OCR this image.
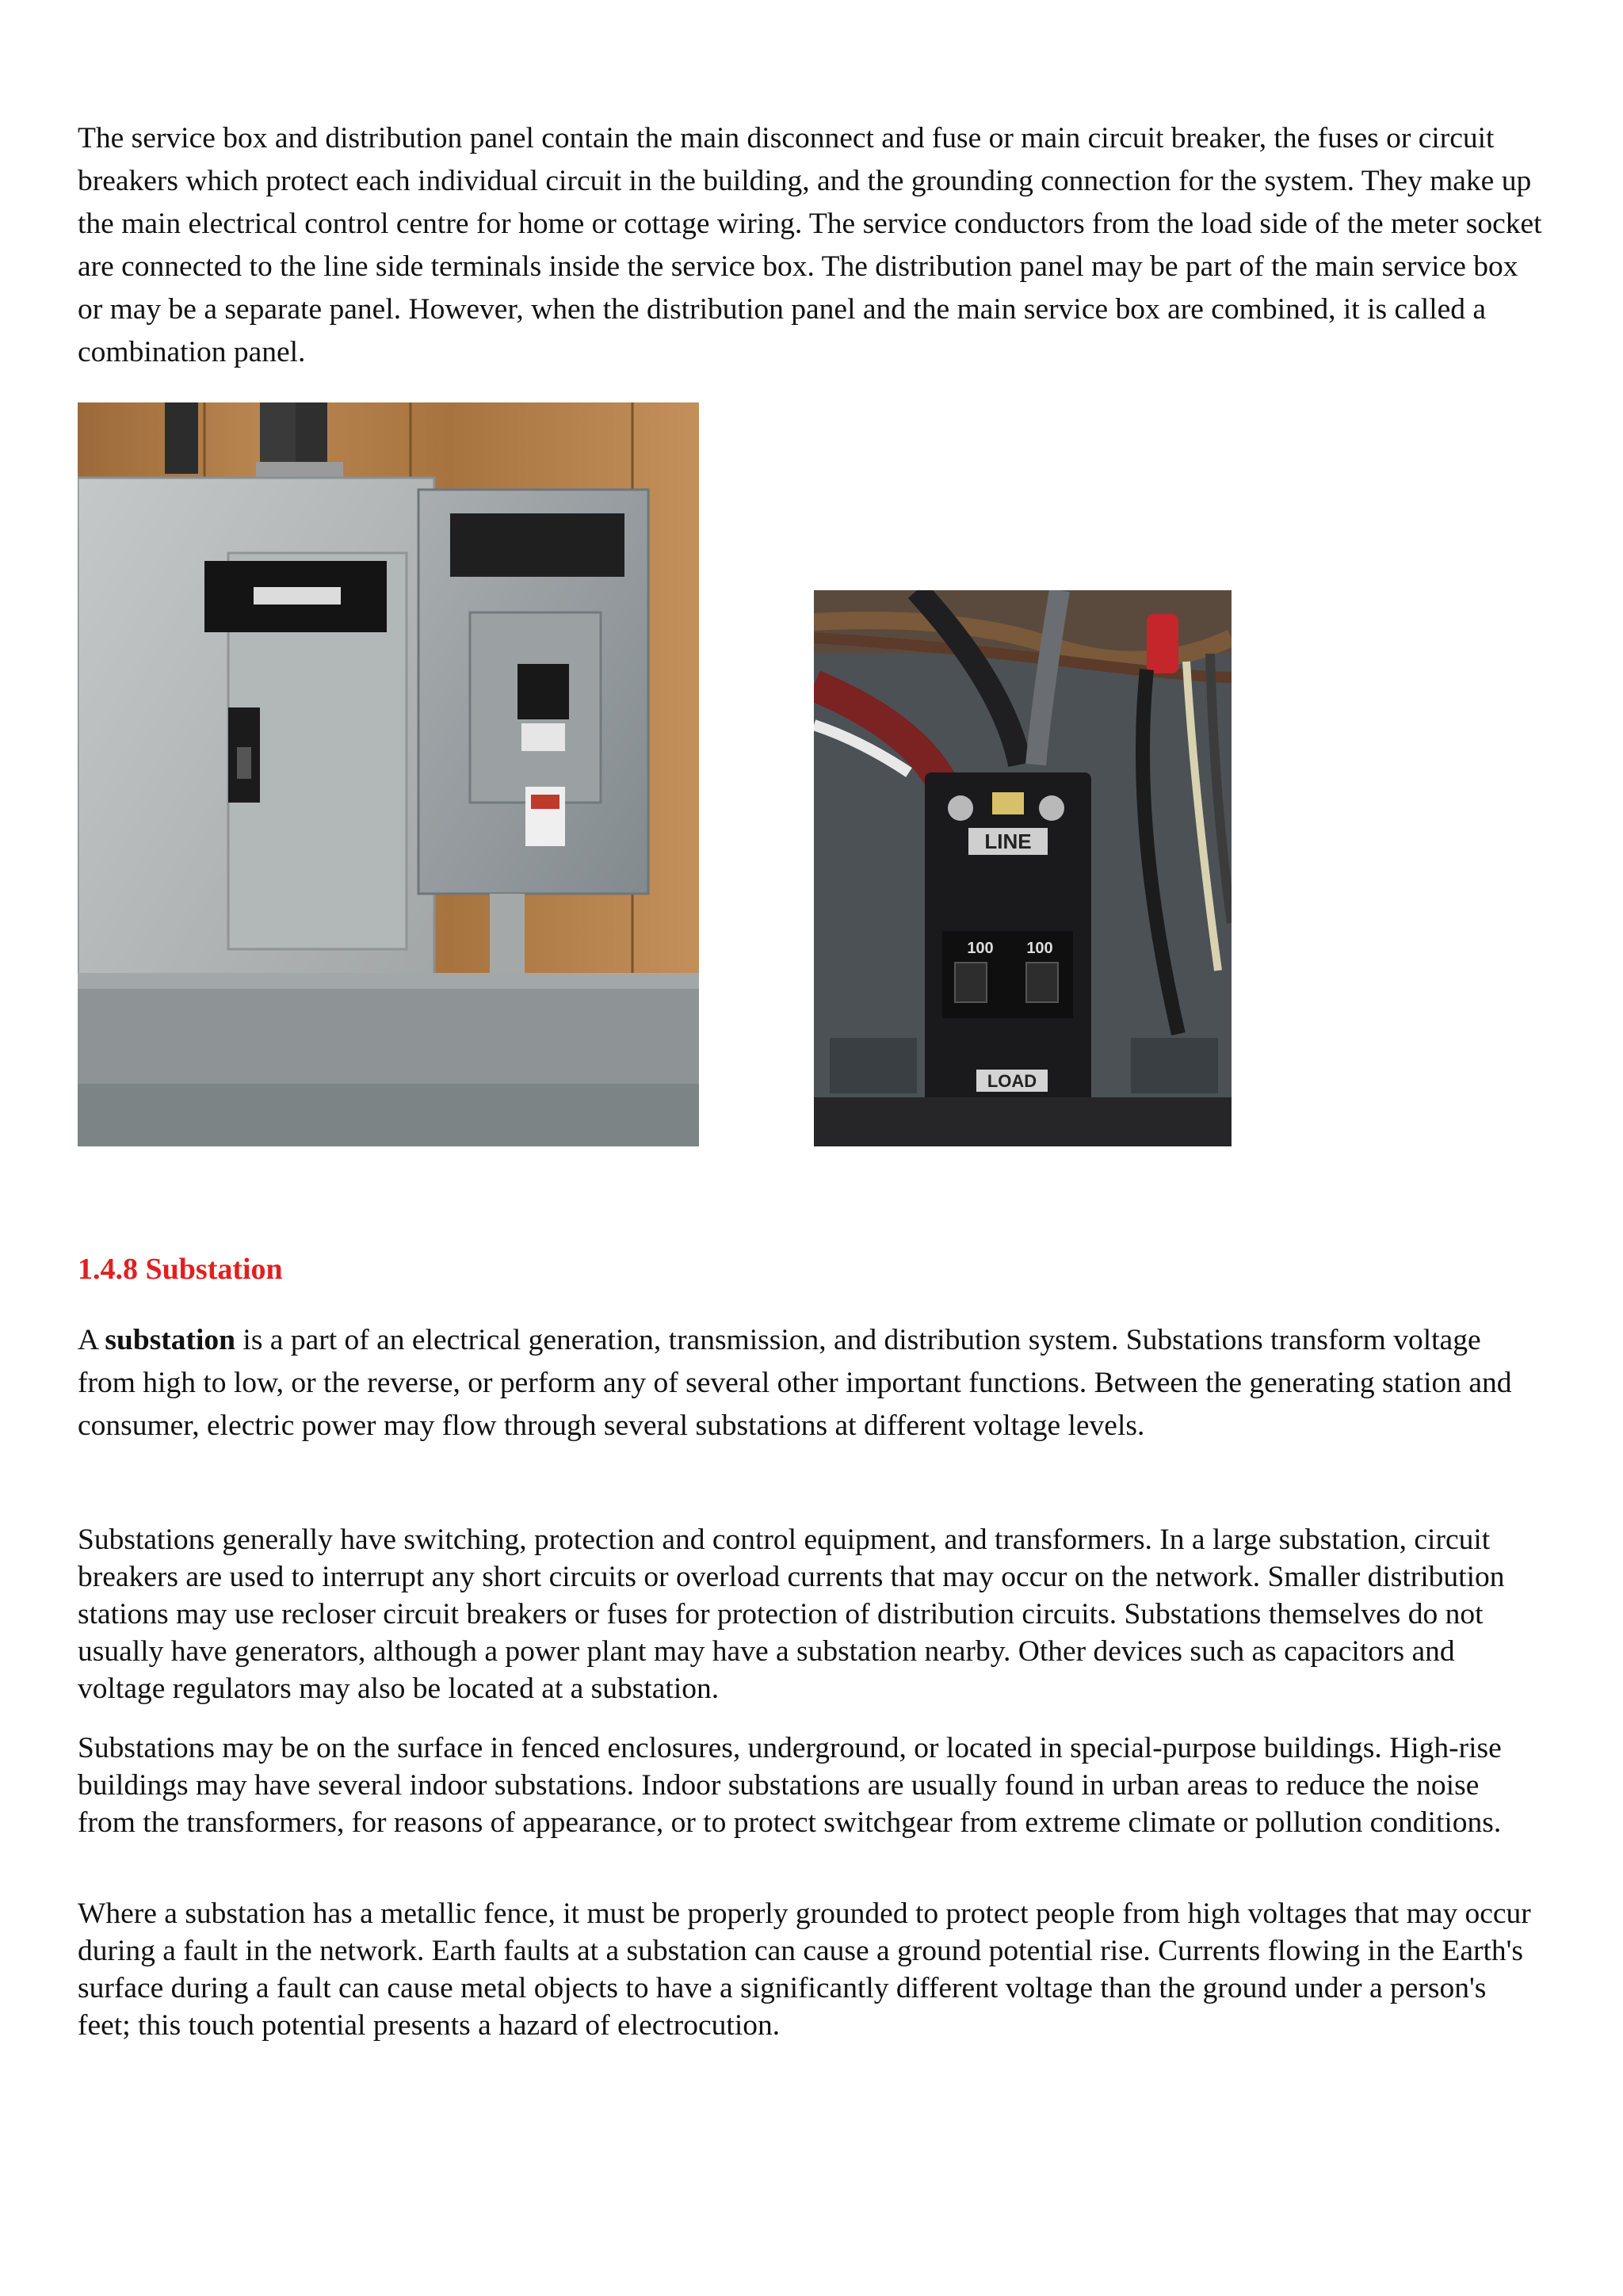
The service box and distribution panel contain the main disconnect and fuse or main circuit breaker, the fuses or circuit breakers which protect each individual circuit in the building, and the grounding connection for the system. They make up the main electrical control centre for home or cottage wiring. The service conductors from the load side of the meter socket are connected to the line side terminals inside the service box. The distribution panel may be part of the main service box or may be a separate panel. However, when the distribution panel and the main service box are combined, it is called a combination panel.

LINE
100 100
LOAD
1.4.8 Substation

A substation is a part of an electrical generation, transmission, and distribution system. Substations transform voltage from high to low, or the reverse, or perform any of several other important functions. Between the generating station and consumer, electric power may flow through several substations at different voltage levels.

Substations generally have switching, protection and control equipment, and transformers. In a large substation, circuit breakers are used to interrupt any short circuits or overload currents that may occur on the network. Smaller distribution stations may use recloser circuit breakers or fuses for protection of distribution circuits. Substations themselves do not usually have generators, although a power plant may have a substation nearby. Other devices such as capacitors and voltage regulators may also be located at a substation.

Substations may be on the surface in fenced enclosures, underground, or located in special-purpose buildings. High-rise buildings may have several indoor substations. Indoor substations are usually found in urban areas to reduce the noise from the transformers, for reasons of appearance, or to protect switchgear from extreme climate or pollution conditions.

Where a substation has a metallic fence, it must be properly grounded to protect people from high voltages that may occur during a fault in the network. Earth faults at a substation can cause a ground potential rise. Currents flowing in the Earth's surface during a fault can cause metal objects to have a significantly different voltage than the ground under a person's feet; this touch potential presents a hazard of electrocution.
